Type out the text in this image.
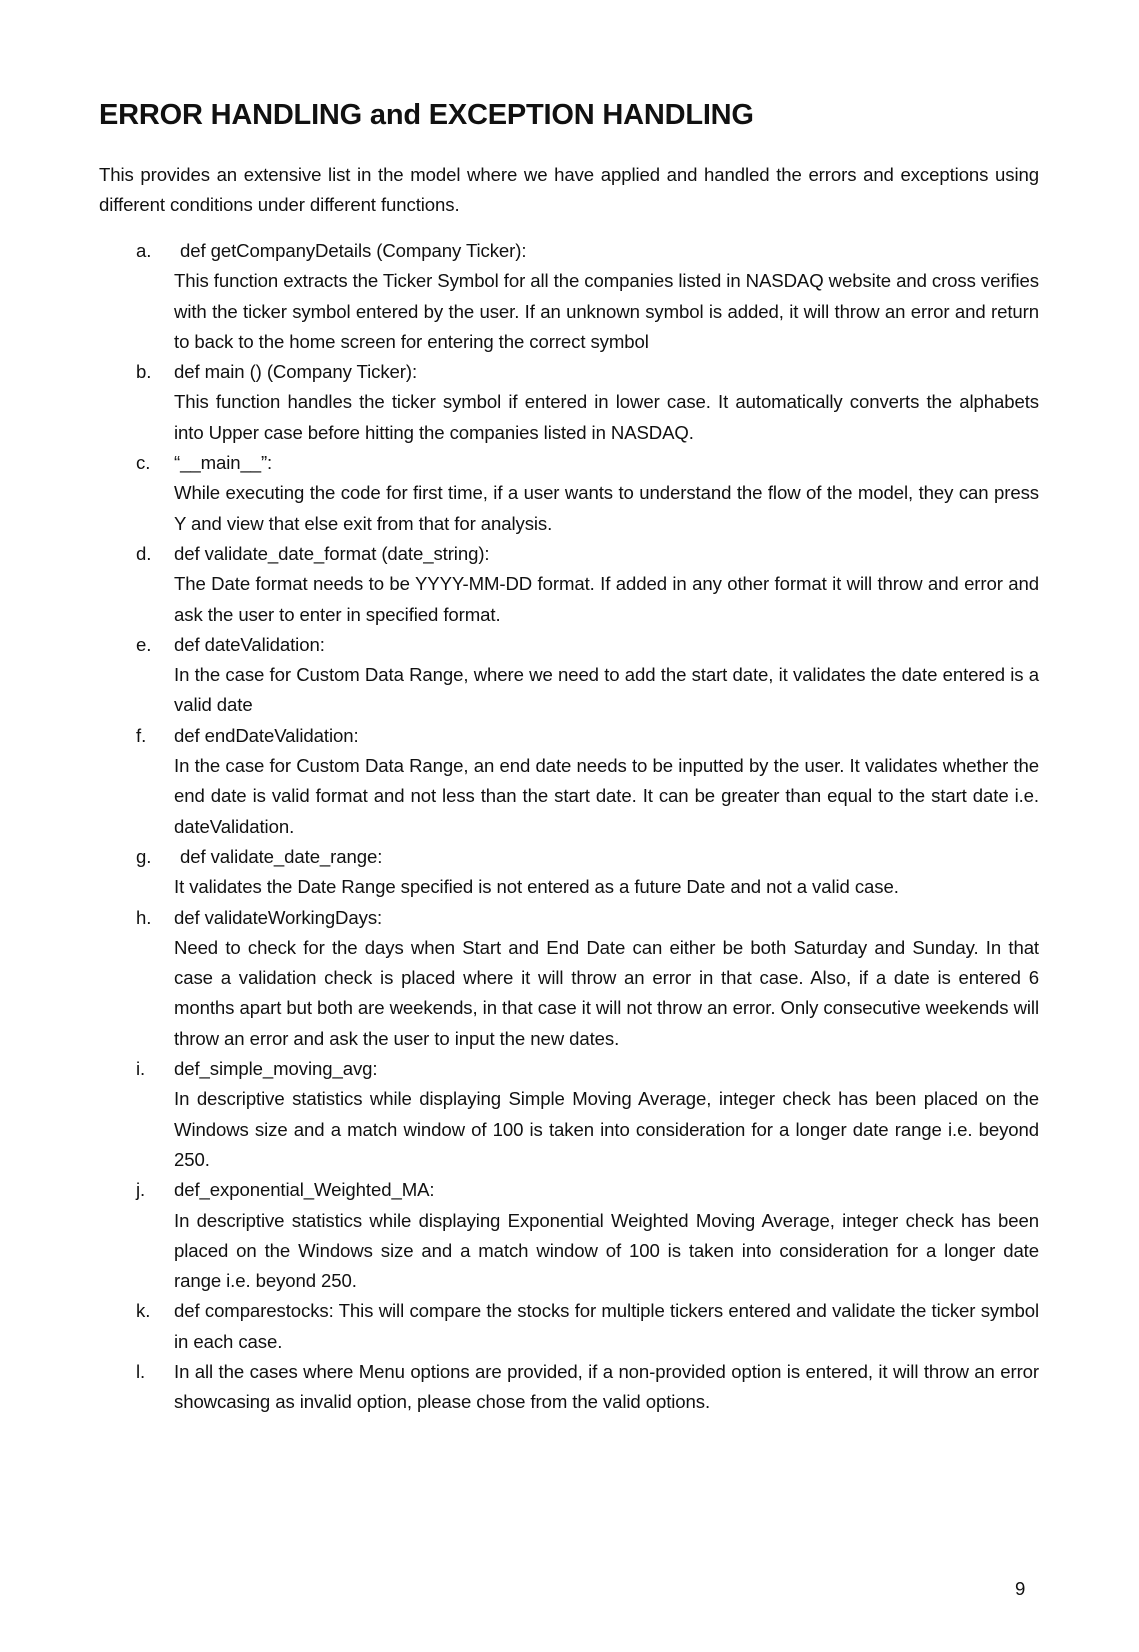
ERROR HANDLING and EXCEPTION HANDLING

This provides an extensive list in the model where we have applied and handled the errors and exceptions using different conditions under different functions.

a.	def getCompanyDetails (Company Ticker):
This function extracts the Ticker Symbol for all the companies listed in NASDAQ website and cross verifies with the ticker symbol entered by the user. If an unknown symbol is added, it will throw an error and return to back to the home screen for entering the correct symbol
b. def main () (Company Ticker):
This function handles the ticker symbol if entered in lower case. It automatically converts the alphabets into Upper case before hitting the companies listed in NASDAQ.
c. “__main__”:
While executing the code for first time, if a user wants to understand the flow of the model, they can press Y and view that else exit from that for analysis.
d. def validate_date_format (date_string):
The Date format needs to be YYYY-MM-DD format. If added in any other format it will throw and error and ask the user to enter in specified format.
e. def dateValidation:
In the case for Custom Data Range, where we need to add the start date, it validates the date entered is a valid date
f. def endDateValidation:
In the case for Custom Data Range, an end date needs to be inputted by the user. It validates whether the end date is valid format and not less than the start date. It can be greater than equal to the start date i.e. dateValidation.
g.	def validate_date_range:
It validates the Date Range specified is not entered as a future Date and not a valid case.
h. def validateWorkingDays:
Need to check for the days when Start and End Date can either be both Saturday and Sunday. In that case a validation check is placed where it will throw an error in that case. Also, if a date is entered 6 months apart but both are weekends, in that case it will not throw an error. Only consecutive weekends will throw an error and ask the user to input the new dates.
i. def_simple_moving_avg:
In descriptive statistics while displaying Simple Moving Average, integer check has been placed on the Windows size and a match window of 100 is taken into consideration for a longer date range i.e. beyond 250.
j. def_exponential_Weighted_MA:
In descriptive statistics while displaying Exponential Weighted Moving Average, integer check has been placed on the Windows size and a match window of 100 is taken into consideration for a longer date range i.e. beyond 250.
k. def comparestocks: This will compare the stocks for multiple tickers entered and validate the ticker symbol in each case.
l. In all the cases where Menu options are provided, if a non-provided option is entered, it will throw an error showcasing as invalid option, please chose from the valid options.
9
